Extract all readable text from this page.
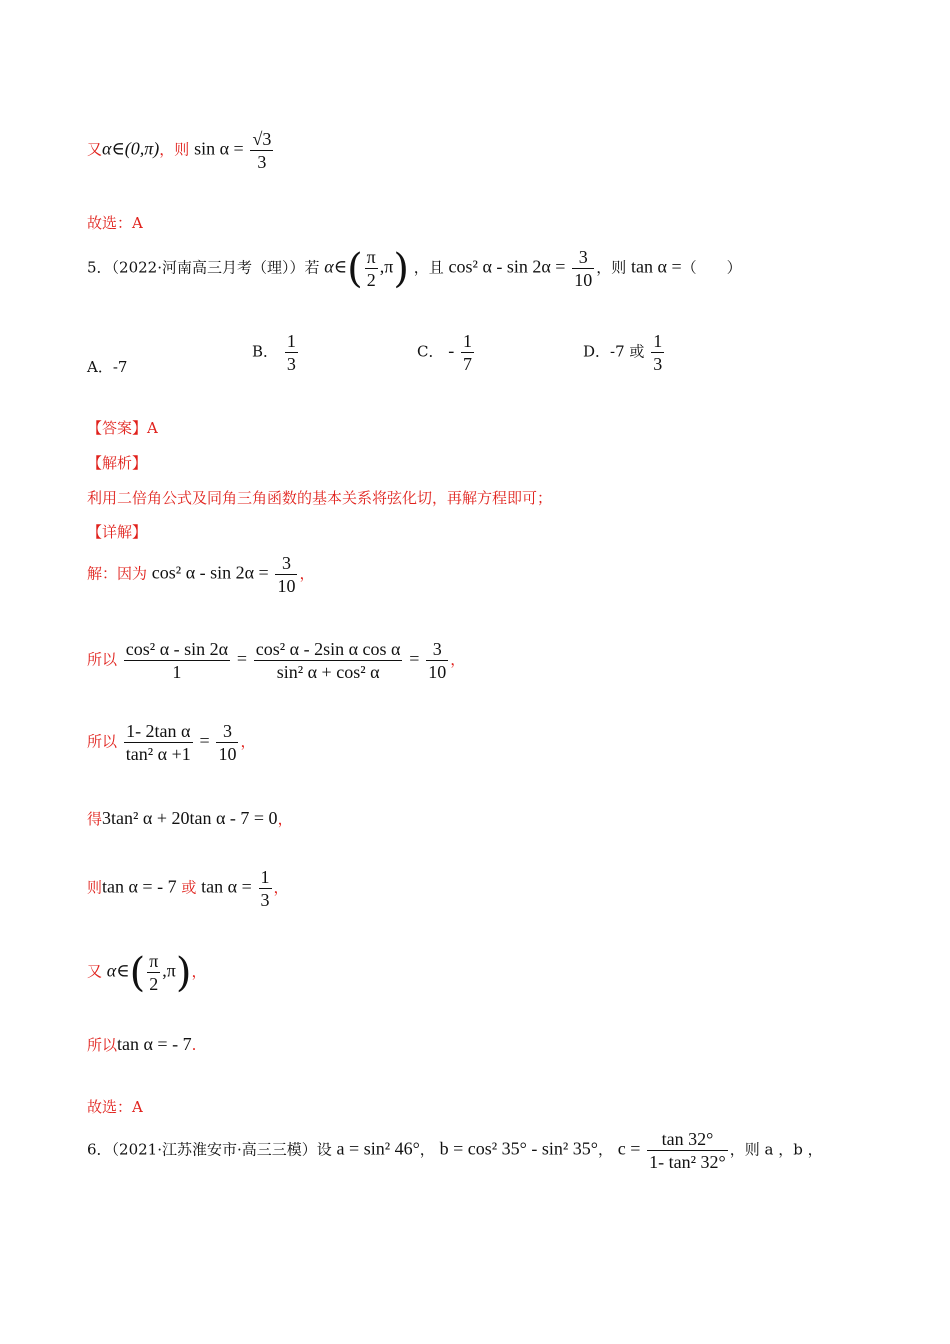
又α∈(0,π)，则 $\sin \alpha = \frac{√3}{3}$
故选：A
5．（2022·河南高三月考（理））若 α∈( $\frac{\pi}{2} ,\pi$) ，且 cos² $\alpha - \sin 2\alpha = \frac{3}{10}$ ，则 tan α =（　　）
A．-7
B． $\frac{1}{3}$	C． - $\frac{1}{7}$	D．-7 或 $\frac{1}{3}$
【答案】A
【解析】
利用二倍角公式及同角三角函数的基本关系将弦化切，再解方程即可；
【详解】
解：因为 cos² $\alpha - \sin 2\alpha = \frac{3}{10}$ ，
所以 $\frac{\text{cos² α - sin 2α}}{1} = \frac{\text{cos² α - 2sin α cos α}}{\text{sin² α + cos² α}} = \frac{3}{10}$ ，
所以 $\frac{\text{1- 2tan α}}{\text{tan² α +1}} = \frac{3}{10}$ ，
得3tan² α + 20tan α - 7 = 0，
则tan α = - 7 或 $\tan \alpha = \frac{1}{3}$ ，
又 α∈( $\frac{\pi}{2} ,\pi$)，
所以tan α = - 7.
故选：A
6．（2021·江苏淮安市·高三三模）设 a = sin² 46°， b = cos² 35° - sin² 35°， $c = \frac{\tan 32^\circ}{\text{1- tan² 32°}}$ ，则 a ，b ，
